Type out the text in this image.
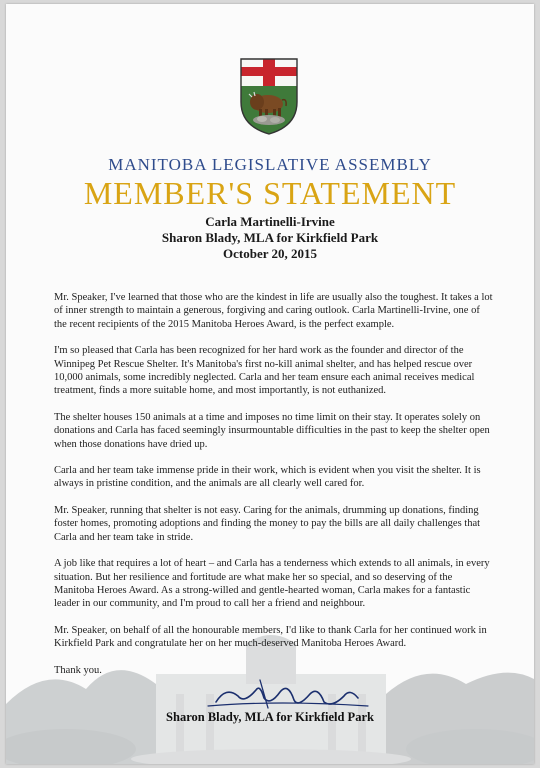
MANITOBA LEGISLATIVE ASSEMBLY
MEMBER'S STATEMENT
Carla Martinelli-Irvine
Sharon Blady, MLA for Kirkfield Park
October 20, 2015

Mr. Speaker, I've learned that those who are the kindest in life are usually also the toughest. It takes a lot of inner strength to maintain a generous, forgiving and caring outlook. Carla Martinelli-Irvine, one of the recent recipients of the 2015 Manitoba Heroes Award, is the perfect example.

I'm so pleased that Carla has been recognized for her hard work as the founder and director of the Winnipeg Pet Rescue Shelter. It's Manitoba's first no-kill animal shelter, and has helped rescue over 10,000 animals, some incredibly neglected. Carla and her team ensure each animal receives medical treatment, finds a more suitable home, and most importantly, is not euthanized.

The shelter houses 150 animals at a time and imposes no time limit on their stay. It operates solely on donations and Carla has faced seemingly insurmountable difficulties in the past to keep the shelter open when those donations have dried up.

Carla and her team take immense pride in their work, which is evident when you visit the shelter. It is always in pristine condition, and the animals are all clearly well cared for.

Mr. Speaker, running that shelter is not easy. Caring for the animals, drumming up donations, finding foster homes, promoting adoptions and finding the money to pay the bills are all daily challenges that Carla and her team take in stride.

A job like that requires a lot of heart – and Carla has a tenderness which extends to all animals, in every situation. But her resilience and fortitude are what make her so special, and so deserving of the Manitoba Heroes Award. As a strong-willed and gentle-hearted woman, Carla makes for a fantastic leader in our community, and I'm proud to call her a friend and neighbour.

Mr. Speaker, on behalf of all the honourable members, I'd like to thank Carla for her continued work in Kirkfield Park and congratulate her on her much-deserved Manitoba Heroes Award.

Thank you.

Sharon Blady, MLA for Kirkfield Park
